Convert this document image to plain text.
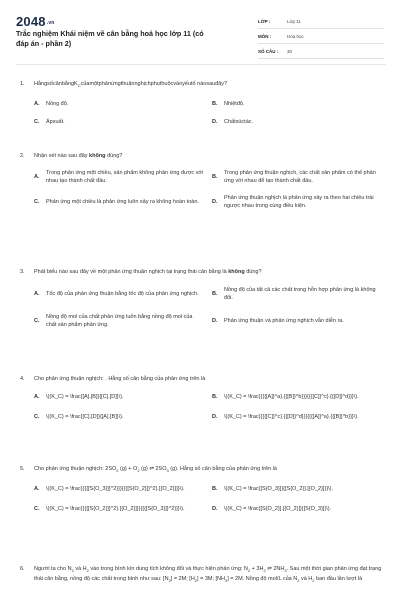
2048.vn
Trắc nghiệm Khái niệm về cân bằng hoá học lớp 11 (có đáp án - phần 2)
LỚP :	Lớp 11
MÔN :	Hóa học
SỐ CÂU :	30
1.	HằngsốcânbằngK$_C$củamộtphảnứngthuậnnghịchphụthuộcvàoyếutố nàosauđây?
A.	Nồng độ.	B.	Nhiệtđộ.
C.	Ápsuất.	D.	Chấtxúctác.
2.	Nhận xét nào sau đây không đúng?
A.
Trong phản ứng một chiều, sản phẩm không phản ứng được với nhau tạo thành chất đầu.
B.
Trong phản ứng thuận nghịch, các chất sản phẩm có thể phản ứng với nhau để tạo thành chất đầu.
C.	Phản ứng một chiều là phản ứng luôn xảy ra không hoàn toàn.	D.
Phản ứng thuận nghịch là phản ứng xảy ra theo hai chiều trái ngược nhau trong cùng điều kiện.
3.	Phát biểu nào sau đây về một phản ứng thuận nghịch tại trạng thái cân bằng là không đúng?
A.	Tốc độ của phản ứng thuận bằng tốc độ của phản ứng nghịch.	B.
Nồng độ của tất cả các chất trong hỗn hợp phản ứng là không đổi.
C.
Nồng độ mol của chất phản ứng luôn bằng nồng độ mol của chất sản phẩm phản ứng.
D.	Phản ứng thuận và phản ứng nghịch vẫn diễn ra.
4.	Cho phản ứng thuận nghịch: . Hằng số cân bằng của phản ứng trên là
A.	\((K_C) = \frac{[A].[B]}{[C].[D]}\).	B.	\((K_C) = \frac{{{{[A]}^a}.{{[B]}^b}}}{{{[C]}^c}.{{[D]}^d}}}\).
C.	\((K_C) = \frac{[C].[D]}{[A].[B]}\).	D.	\((K_C) = \frac{{{{[C]}^c}.{{[D]}^d}}}{{{[A]}^a}.{{[B]}^b}}}\).
5.	Cho phản ứng thuận nghịch: $2SO_2$ $(g) + O_2$ (g) ⇌ $2SO_3$ (g). Hằng số cân bằng của phản ứng trên là
A.	\((K_C) = \frac{{{{[S{O_3}]}^2}}}{{{[S{O_2}]}^2}.[{O_2}]}}\).	B.	\((K_C) = \frac{[S{O_3}]}{[S{O_2}].[{O_2}]}}\).
C.	\((K_C) = \frac{{{{[S{O_2}]}^2}.[{O_2}]}}{{{[S{O_3}]}^2}}}\).	D.	\((K_C) = \frac{[S{O_2}].[{O_2}]}{[S{O_3}]}\).
6.	Người ta cho $N_2$ và $H_2$ vào trong bình kín dung tích không đổi và thực hiện phản ứng: $N_2 + 3H_2$ ⇌ $2NH_3$. Sau một thời gian phản ứng đạt trạng thái cân bằng, nồng độ các chất trong bình như sau: $[N_2] = 2M$; $[H_2] = 3M$; $[NH_3] = 2M$. Nồng độ mol/L của $N_2$ và $H_2$ ban đầu lần lượt là
